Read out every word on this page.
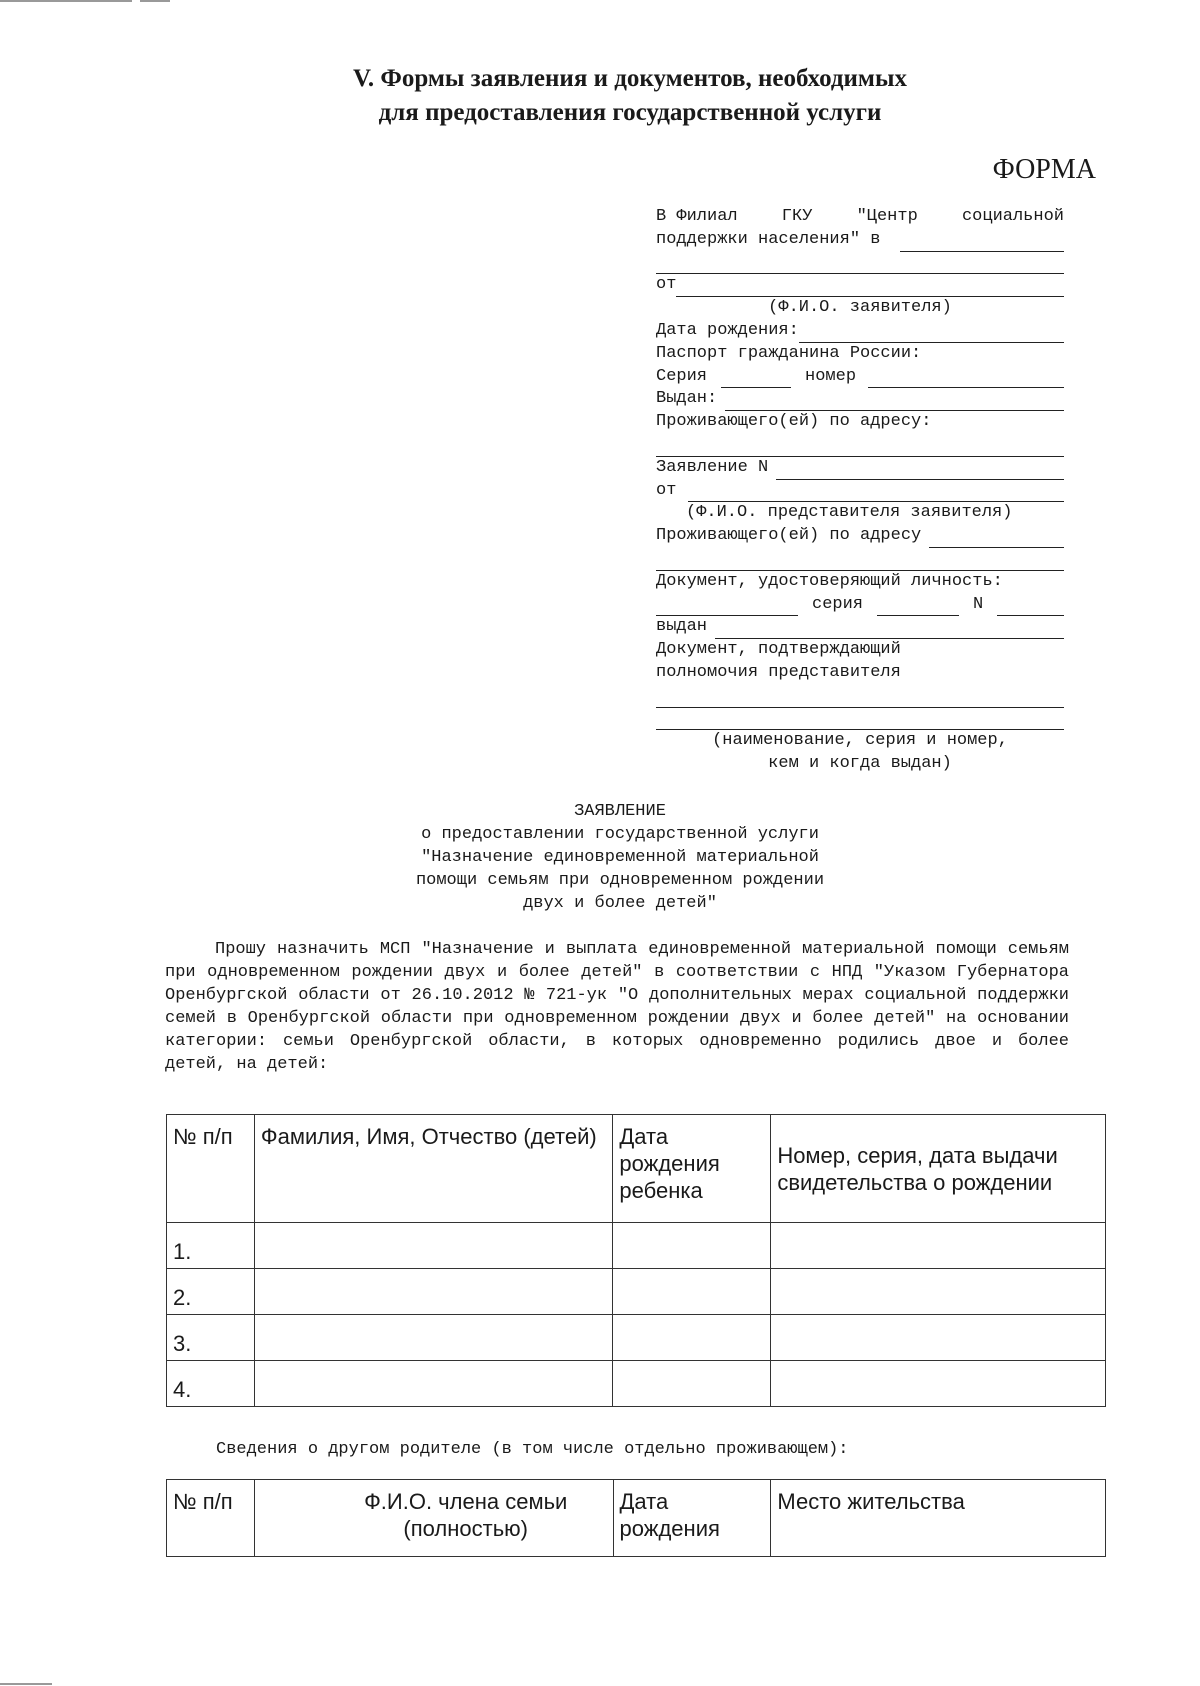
V. Формы заявления и документов, необходимых
для предоставления государственной услуги
ФОРМА
В Филиал	ГКУ	"Центр	социальной
поддержки населения" в
от
(Ф.И.О. заявителя)
Дата рождения:
Паспорт гражданина России:
Серия	номер
Выдан:
Проживающего(ей) по адресу:
Заявление N
от
(Ф.И.О. представителя заявителя)
Проживающего(ей) по адресу
Документ, удостоверяющий личность:
серия	N
выдан
Документ, подтверждающий
полномочия представителя
(наименование, серия и номер,
кем и когда выдан)
ЗАЯВЛЕНИЕ
о предоставлении государственной услуги
"Назначение единовременной материальной
помощи семьям при одновременном рождении
двух и более детей"
Прошу назначить МСП "Назначение и выплата единовременной материальной помощи семьям при одновременном рождении двух и более детей" в соответствии с НПД "Указом Губернатора Оренбургской области от 26.10.2012 № 721-ук "О дополнительных мерах социальной поддержки семей в Оренбургской области при одновременном рождении двух и более детей" на основании категории: семьи Оренбургской области, в которых одновременно родились двое и более детей, на детей:
№ п/п	Фамилия, Имя, Отчество (детей)	Дата рождения ребенка	Номер, серия, дата выдачи свидетельства о рождении
1.			
2.			
3.			
4.			
Сведения о другом родителе (в том числе отдельно проживающем):
№ п/п	Ф.И.О. члена семьи (полностью)	Дата рождения	Место жительства
